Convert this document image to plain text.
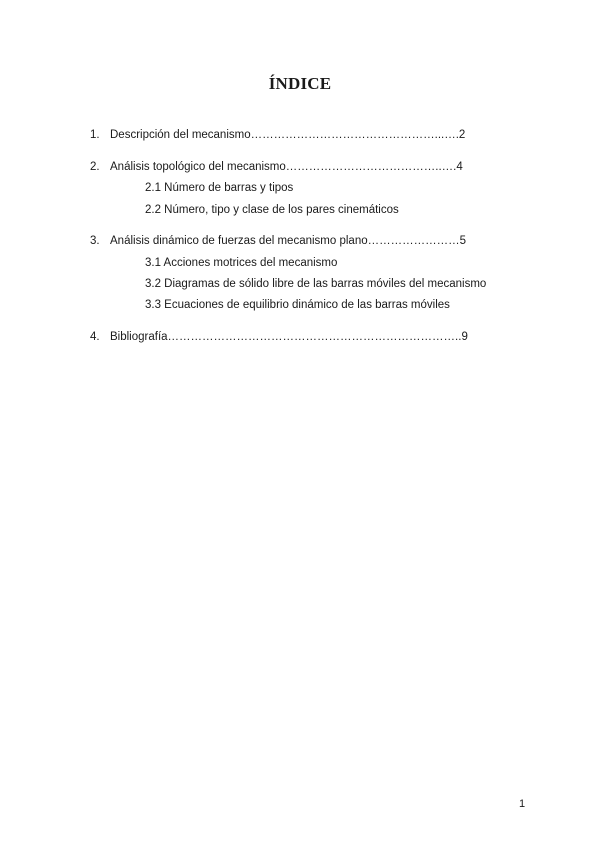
ÍNDICE
1. Descripción del mecanismo…………………………………………...….2
2. Análisis topológico del mecanismo…………………………………..….4
2.1 Número de barras y tipos
2.2 Número, tipo y clase de los pares cinemáticos
3. Análisis dinámico de fuerzas del mecanismo plano……………………5
3.1 Acciones motrices del mecanismo
3.2 Diagramas de sólido libre de las barras móviles del mecanismo
3.3 Ecuaciones de equilibrio dinámico de las barras móviles
4. Bibliografía…………………………………………………………………..9
1
